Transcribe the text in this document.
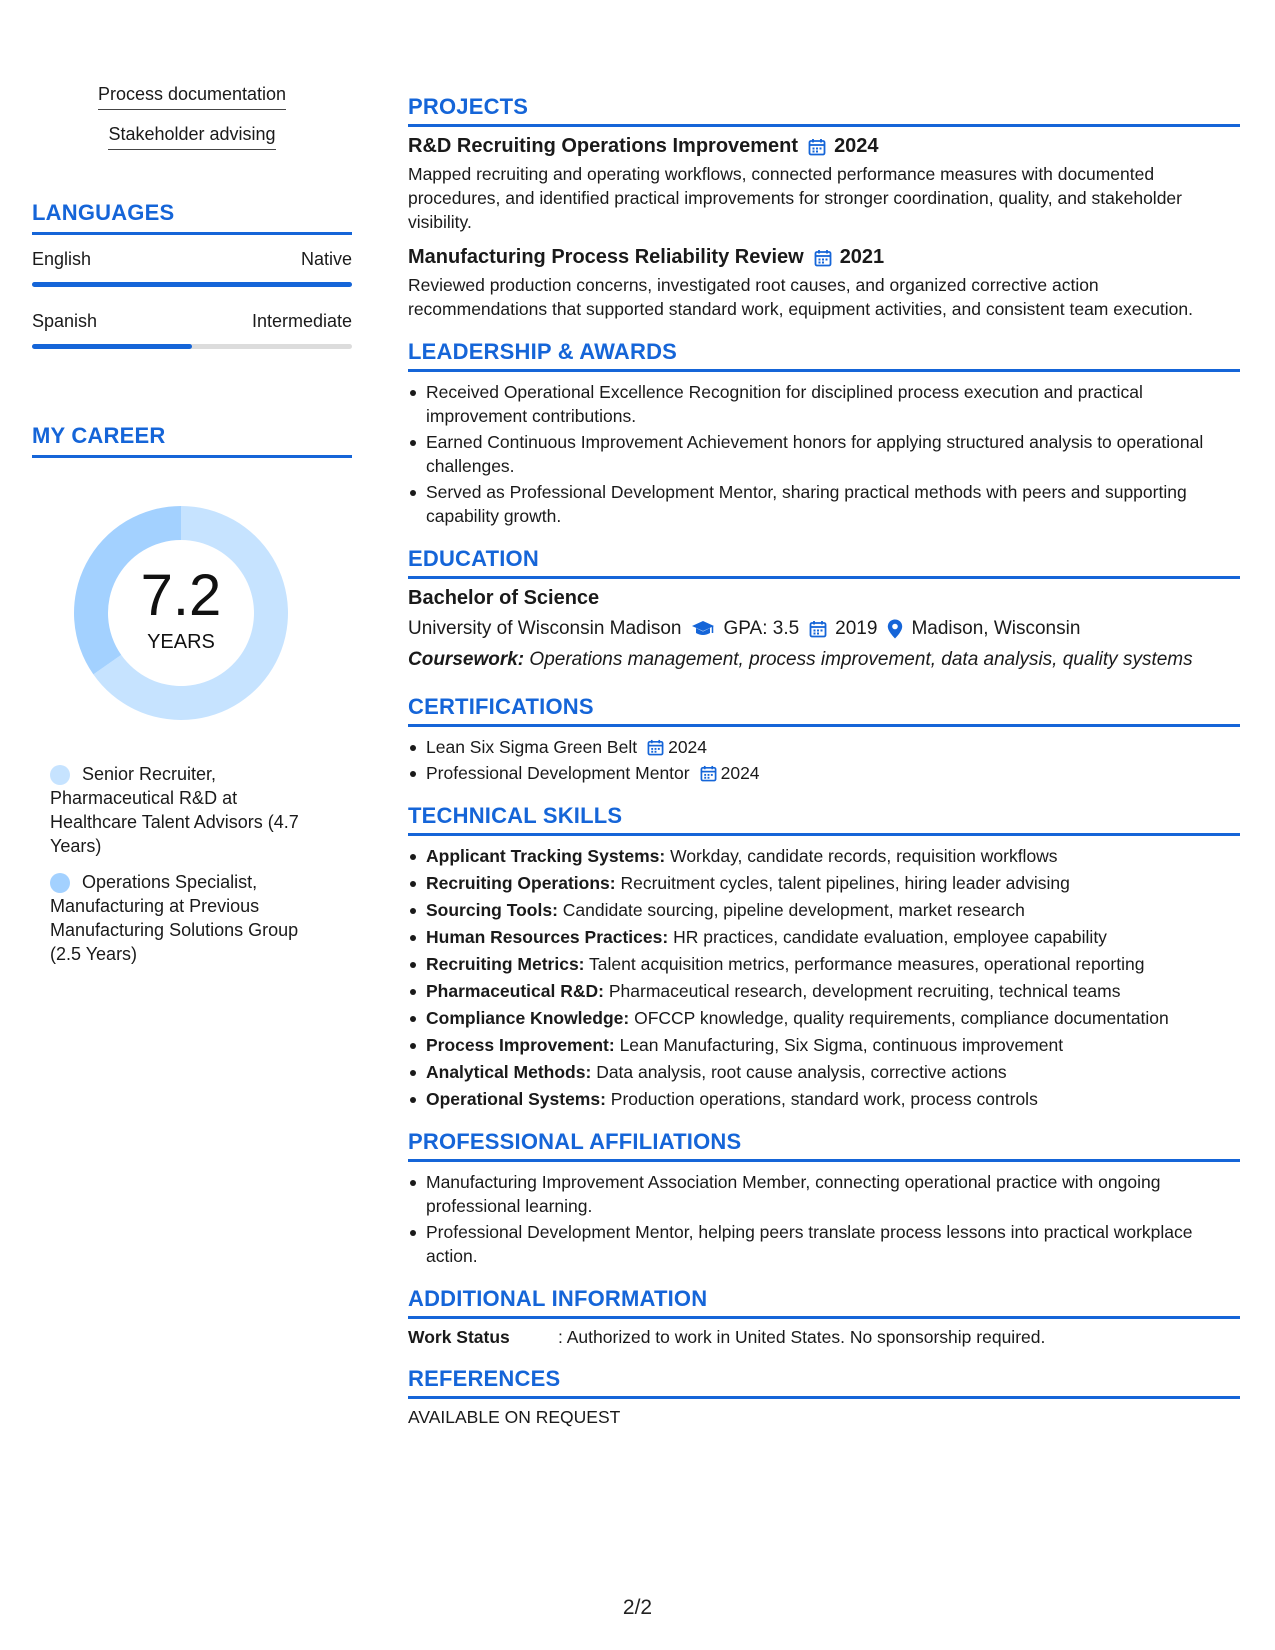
Process documentation
Stakeholder advising
LANGUAGES
English	Native
Spanish	Intermediate
MY CAREER
7.2
YEARS
Senior Recruiter, Pharmaceutical R&D at Healthcare Talent Advisors (4.7 Years)
Operations Specialist, Manufacturing at Previous Manufacturing Solutions Group (2.5 Years)
PROJECTS
R&D Recruiting Operations Improvement 2024
Mapped recruiting and operating workflows, connected performance measures with documented procedures, and identified practical improvements for stronger coordination, quality, and stakeholder visibility.
Manufacturing Process Reliability Review 2021
Reviewed production concerns, investigated root causes, and organized corrective action recommendations that supported standard work, equipment activities, and consistent team execution.
LEADERSHIP & AWARDS
Received Operational Excellence Recognition for disciplined process execution and practical improvement contributions.
Earned Continuous Improvement Achievement honors for applying structured analysis to operational challenges.
Served as Professional Development Mentor, sharing practical methods with peers and supporting capability growth.
EDUCATION
Bachelor of Science
University of Wisconsin Madison GPA: 3.5 2019 Madison, Wisconsin
Coursework: Operations management, process improvement, data analysis, quality systems
CERTIFICATIONS
Lean Six Sigma Green Belt 2024
Professional Development Mentor 2024
TECHNICAL SKILLS
Applicant Tracking Systems: Workday, candidate records, requisition workflows
Recruiting Operations: Recruitment cycles, talent pipelines, hiring leader advising
Sourcing Tools: Candidate sourcing, pipeline development, market research
Human Resources Practices: HR practices, candidate evaluation, employee capability
Recruiting Metrics: Talent acquisition metrics, performance measures, operational reporting
Pharmaceutical R&D: Pharmaceutical research, development recruiting, technical teams
Compliance Knowledge: OFCCP knowledge, quality requirements, compliance documentation
Process Improvement: Lean Manufacturing, Six Sigma, continuous improvement
Analytical Methods: Data analysis, root cause analysis, corrective actions
Operational Systems: Production operations, standard work, process controls
PROFESSIONAL AFFILIATIONS
Manufacturing Improvement Association Member, connecting operational practice with ongoing professional learning.
Professional Development Mentor, helping peers translate process lessons into practical workplace action.
ADDITIONAL INFORMATION
Work Status	: Authorized to work in United States. No sponsorship required.
REFERENCES
AVAILABLE ON REQUEST
2/2
